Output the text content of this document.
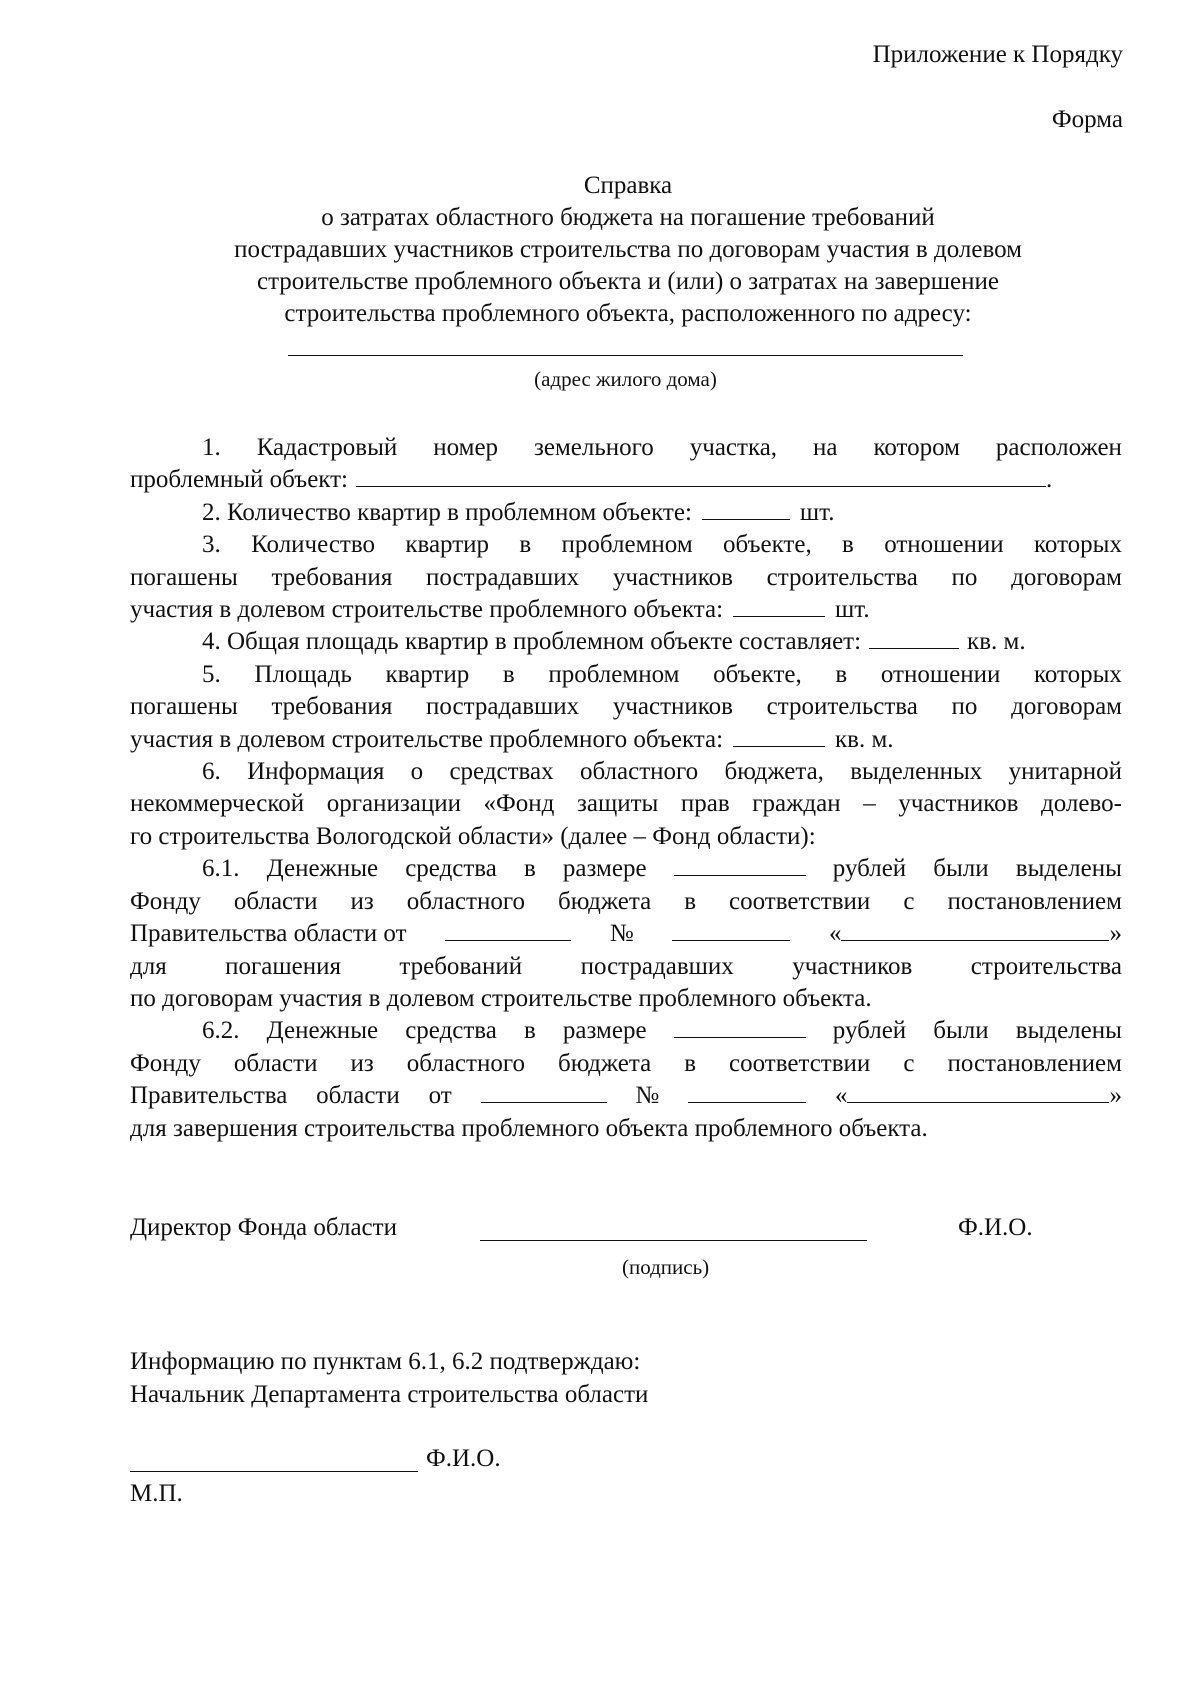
Приложение к Порядку
Форма
Справка
о затратах областного бюджета на погашение требований
пострадавших участников строительства по договорам участия в долевом
строительстве проблемного объекта и (или) о затратах на завершение
строительства проблемного объекта, расположенного по адресу:
(адрес жилого дома)
1. Кадастровый номер земельного участка, на котором расположен
проблемный объект:	.
2. Количество квартир в проблемном объекте:	шт.
3. Количество квартир в проблемном объекте, в отношении которых
погашены требования пострадавших участников строительства по договорам
участия в долевом строительстве проблемного объекта:	шт.
4. Общая площадь квартир в проблемном объекте составляет:	кв. м.
5. Площадь квартир в проблемном объекте, в отношении которых
погашены требования пострадавших участников строительства по договорам
участия в долевом строительстве проблемного объекта:	кв. м.
6. Информация о средствах областного бюджета, выделенных унитарной
некоммерческой организации «Фонд защиты прав граждан – участников долево-
го строительства Вологодской области» (далее – Фонд области):
6.1. Денежные средства в размере	рублей были выделены
Фонду области из областного бюджета в соответствии с постановлением
Правительства области от	№	«	»
для погашения требований пострадавших участников строительства
по договорам участия в долевом строительстве проблемного объекта.
6.2. Денежные средства в размере	рублей были выделены
Фонду области из областного бюджета в соответствии с постановлением
Правительства области от	№	«	»
для завершения строительства проблемного объекта проблемного объекта.
Директор Фонда области	Ф.И.О.
(подпись)
Информацию по пунктам 6.1, 6.2 подтверждаю:
Начальник Департамента строительства области
Ф.И.О.
М.П.
